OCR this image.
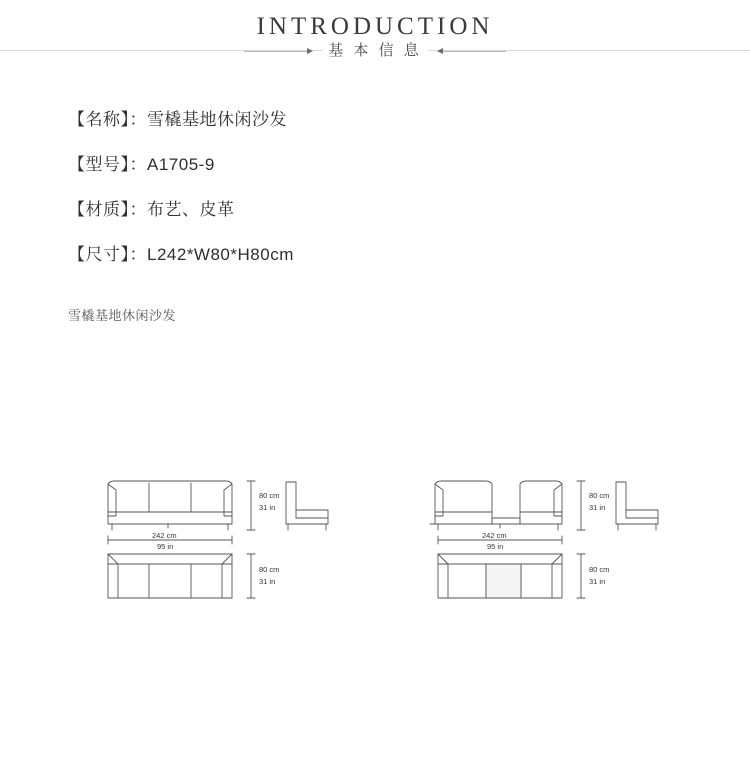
INTRODUCTION
基 本 信 息
【名称】：雪橇基地休闲沙发
【型号】：A1705-9
【材质】：布艺、皮革
【尺寸】：L242*W80*H80cm
雪橇基地休闲沙发
80 cm
31 in
242 cm
95 in
80 cm
31 in
80 cm
31 in
242 cm
95 in
80 cm
31 in
